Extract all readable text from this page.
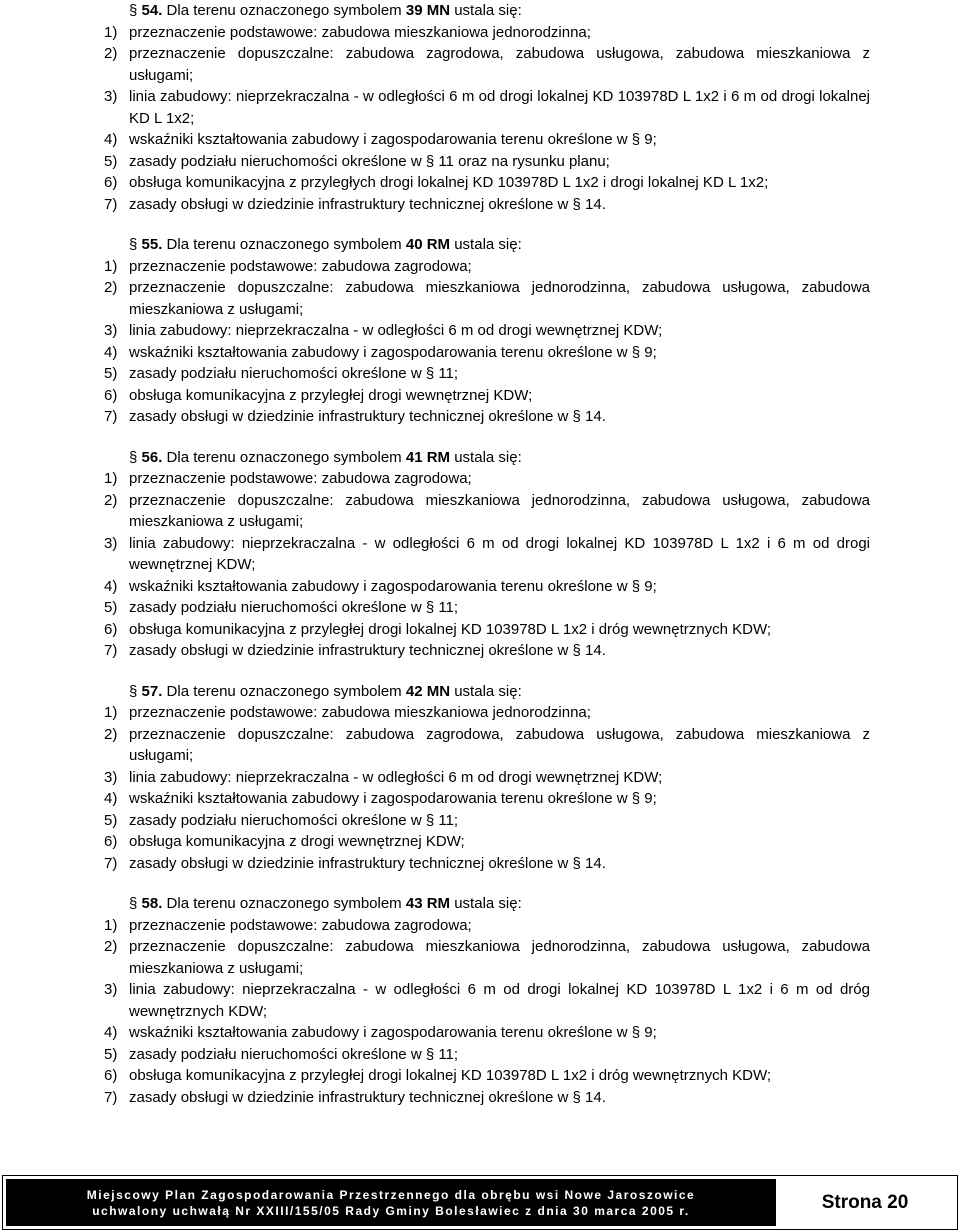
§ 54. Dla terenu oznaczonego symbolem 39 MN ustala się:
1) przeznaczenie podstawowe: zabudowa mieszkaniowa jednorodzinna;
2) przeznaczenie dopuszczalne: zabudowa zagrodowa, zabudowa usługowa, zabudowa mieszkaniowa z usługami;
3) linia zabudowy: nieprzekraczalna - w odległości 6 m od drogi lokalnej KD 103978D L 1x2 i 6 m od drogi lokalnej KD L 1x2;
4) wskaźniki kształtowania zabudowy i zagospodarowania terenu określone w § 9;
5) zasady podziału nieruchomości określone w § 11 oraz na rysunku planu;
6) obsługa komunikacyjna z przyległych drogi lokalnej KD 103978D L 1x2 i drogi lokalnej KD L 1x2;
7) zasady obsługi w dziedzinie infrastruktury technicznej określone w § 14.
§ 55. Dla terenu oznaczonego symbolem 40 RM ustala się:
1) przeznaczenie podstawowe: zabudowa zagrodowa;
2) przeznaczenie dopuszczalne: zabudowa mieszkaniowa jednorodzinna, zabudowa usługowa, zabudowa mieszkaniowa z usługami;
3) linia zabudowy: nieprzekraczalna - w odległości 6 m od drogi wewnętrznej KDW;
4) wskaźniki kształtowania zabudowy i zagospodarowania terenu określone w § 9;
5) zasady podziału nieruchomości określone w § 11;
6) obsługa komunikacyjna z przyległej drogi wewnętrznej KDW;
7) zasady obsługi w dziedzinie infrastruktury technicznej określone w § 14.
§ 56. Dla terenu oznaczonego symbolem 41 RM ustala się:
1) przeznaczenie podstawowe: zabudowa zagrodowa;
2) przeznaczenie dopuszczalne: zabudowa mieszkaniowa jednorodzinna, zabudowa usługowa, zabudowa mieszkaniowa z usługami;
3) linia zabudowy: nieprzekraczalna - w odległości 6 m od drogi lokalnej KD 103978D L 1x2 i 6 m od drogi wewnętrznej KDW;
4) wskaźniki kształtowania zabudowy i zagospodarowania terenu określone w § 9;
5) zasady podziału nieruchomości określone w § 11;
6) obsługa komunikacyjna z przyległej drogi lokalnej KD 103978D L 1x2 i dróg wewnętrznych KDW;
7) zasady obsługi w dziedzinie infrastruktury technicznej określone w § 14.
§ 57. Dla terenu oznaczonego symbolem 42 MN ustala się:
1) przeznaczenie podstawowe: zabudowa mieszkaniowa jednorodzinna;
2) przeznaczenie dopuszczalne: zabudowa zagrodowa, zabudowa usługowa, zabudowa mieszkaniowa z usługami;
3) linia zabudowy: nieprzekraczalna - w odległości 6 m od drogi wewnętrznej KDW;
4) wskaźniki kształtowania zabudowy i zagospodarowania terenu określone w § 9;
5) zasady podziału nieruchomości określone w § 11;
6) obsługa komunikacyjna z drogi wewnętrznej KDW;
7) zasady obsługi w dziedzinie infrastruktury technicznej określone w § 14.
§ 58. Dla terenu oznaczonego symbolem 43 RM ustala się:
1) przeznaczenie podstawowe: zabudowa zagrodowa;
2) przeznaczenie dopuszczalne: zabudowa mieszkaniowa jednorodzinna, zabudowa usługowa, zabudowa mieszkaniowa z usługami;
3) linia zabudowy: nieprzekraczalna - w odległości 6 m od drogi lokalnej KD 103978D L 1x2 i 6 m od dróg wewnętrznych KDW;
4) wskaźniki kształtowania zabudowy i zagospodarowania terenu określone w § 9;
5) zasady podziału nieruchomości określone w § 11;
6) obsługa komunikacyjna z przyległej drogi lokalnej KD 103978D L 1x2 i dróg wewnętrznych KDW;
7) zasady obsługi w dziedzinie infrastruktury technicznej określone w § 14.
Miejscowy Plan Zagospodarowania Przestrzennego dla obrębu wsi Nowe Jaroszowice
uchwalony uchwałą Nr XXIII/155/05 Rady Gminy Bolesławiec z dnia 30 marca 2005 r.	Strona 20
